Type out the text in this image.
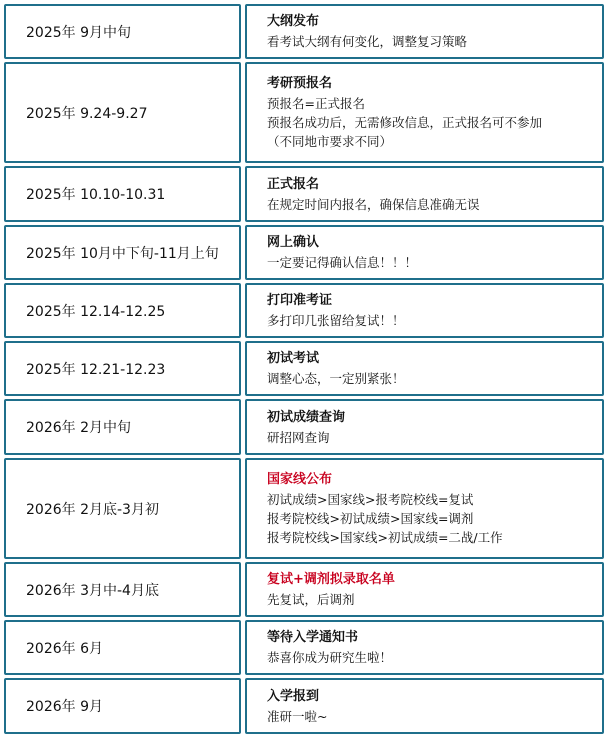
2025年 9月中旬
大纲发布
看考试大纲有何变化，调整复习策略
2025年 9.24-9.27
考研预报名
预报名=正式报名
预报名成功后，无需修改信息，正式报名可不参加
（不同地市要求不同）
2025年 10.10-10.31
正式报名
在规定时间内报名，确保信息准确无误
2025年 10月中下旬-11月上旬
网上确认
一定要记得确认信息！！！
2025年 12.14-12.25
打印准考证
多打印几张留给复试！！
2025年 12.21-12.23
初试考试
调整心态，一定别紧张！
2026年 2月中旬
初试成绩查询
研招网查询
2026年 2月底-3月初
国家线公布
初试成绩>国家线>报考院校线=复试
报考院校线>初试成绩>国家线=调剂
报考院校线>国家线>初试成绩=二战/工作
2026年 3月中-4月底
复试+调剂拟录取名单
先复试，后调剂
2026年 6月
等待入学通知书
恭喜你成为研究生啦！
2026年 9月
入学报到
准研一啦~
